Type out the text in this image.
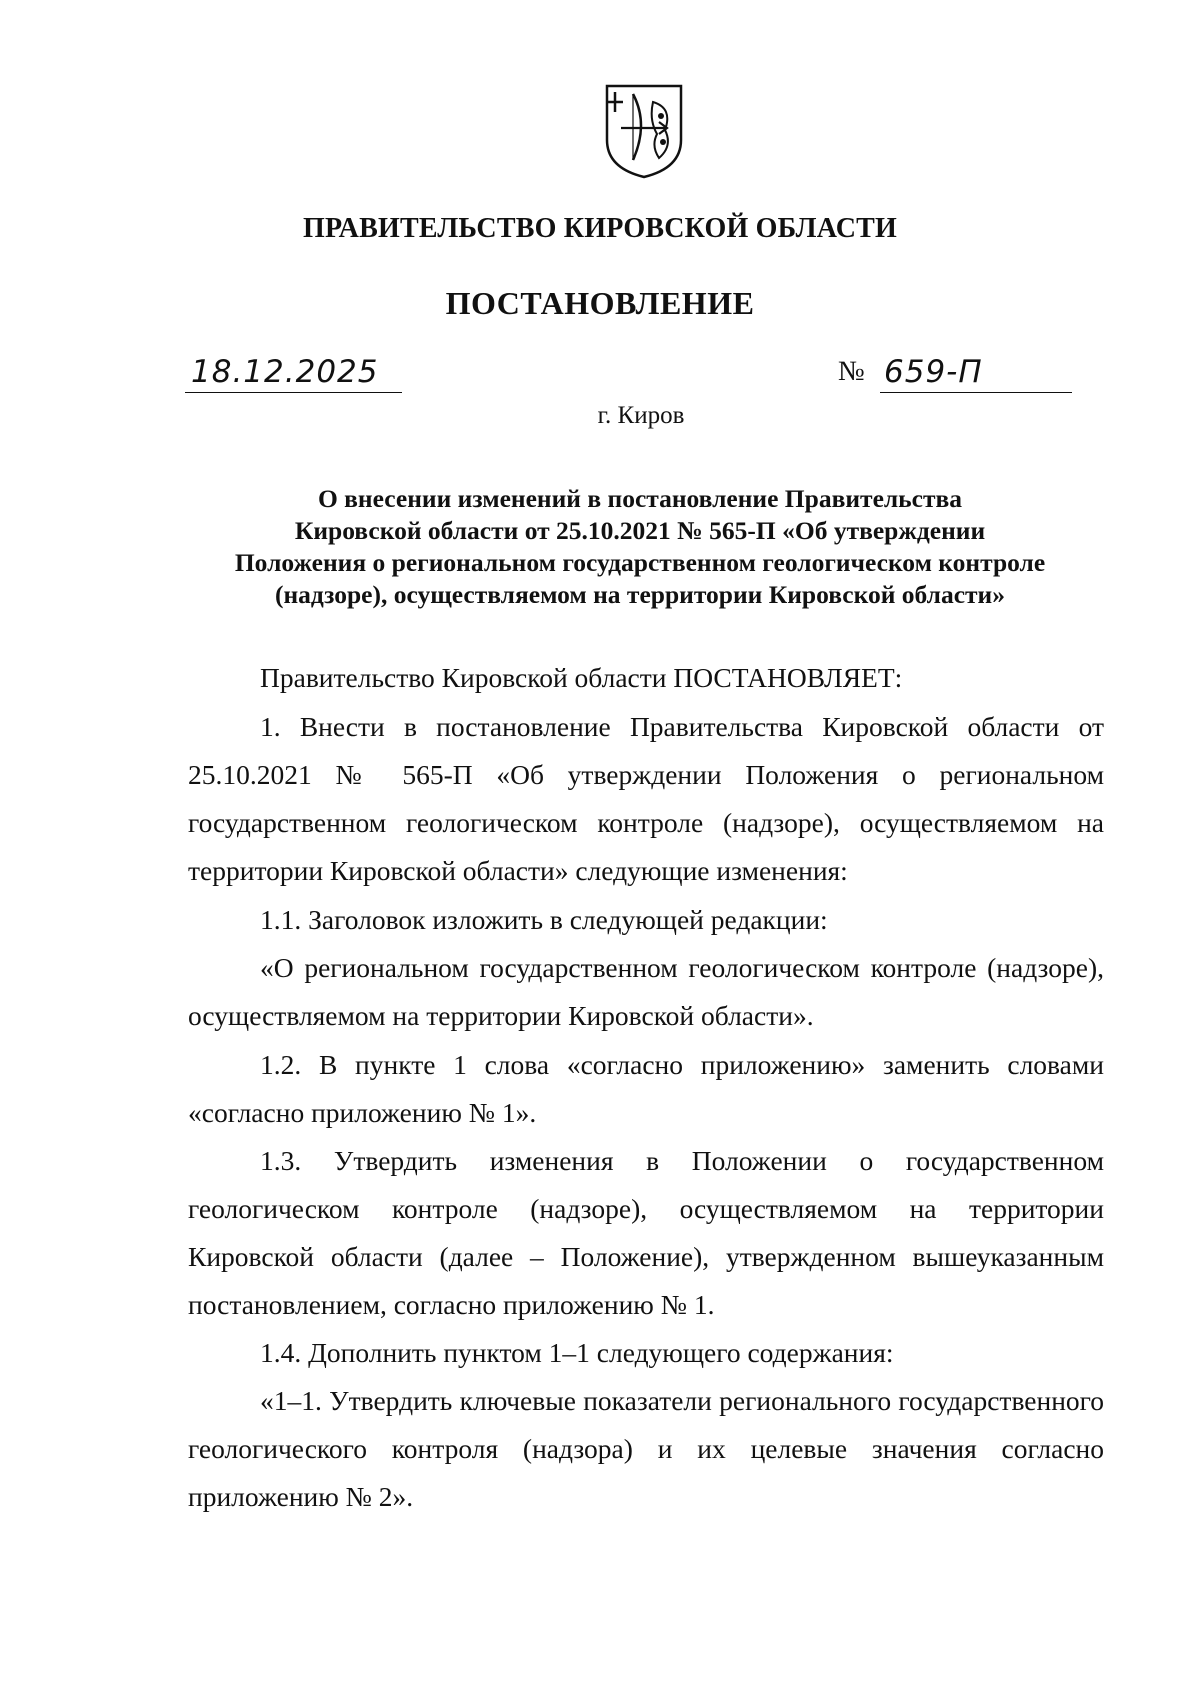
ПРАВИТЕЛЬСТВО КИРОВСКОЙ ОБЛАСТИ

ПОСТАНОВЛЕНИЕ

18.12.2025	№ 659-П

г. Киров

О внесении изменений в постановление Правительства
Кировской области от 25.10.2021 № 565-П «Об утверждении
Положения о региональном государственном геологическом контроле
(надзоре), осуществляемом на территории Кировской области»

Правительство Кировской области ПОСТАНОВЛЯЕТ:

1. Внести в постановление Правительства Кировской области от 25.10.2021 № 565-П «Об утверждении Положения о региональном государственном геологическом контроле (надзоре), осуществляемом на территории Кировской области» следующие изменения:

1.1. Заголовок изложить в следующей редакции:

«О региональном государственном геологическом контроле (надзоре), осуществляемом на территории Кировской области».

1.2. В пункте 1 слова «согласно приложению» заменить словами «согласно приложению № 1».

1.3. Утвердить изменения в Положении о государственном геологическом контроле (надзоре), осуществляемом на территории Кировской области (далее – Положение), утвержденном вышеуказанным постановлением, согласно приложению № 1.

1.4. Дополнить пунктом 1–1 следующего содержания:

«1–1. Утвердить ключевые показатели регионального государственного геологического контроля (надзора) и их целевые значения согласно приложению № 2».
